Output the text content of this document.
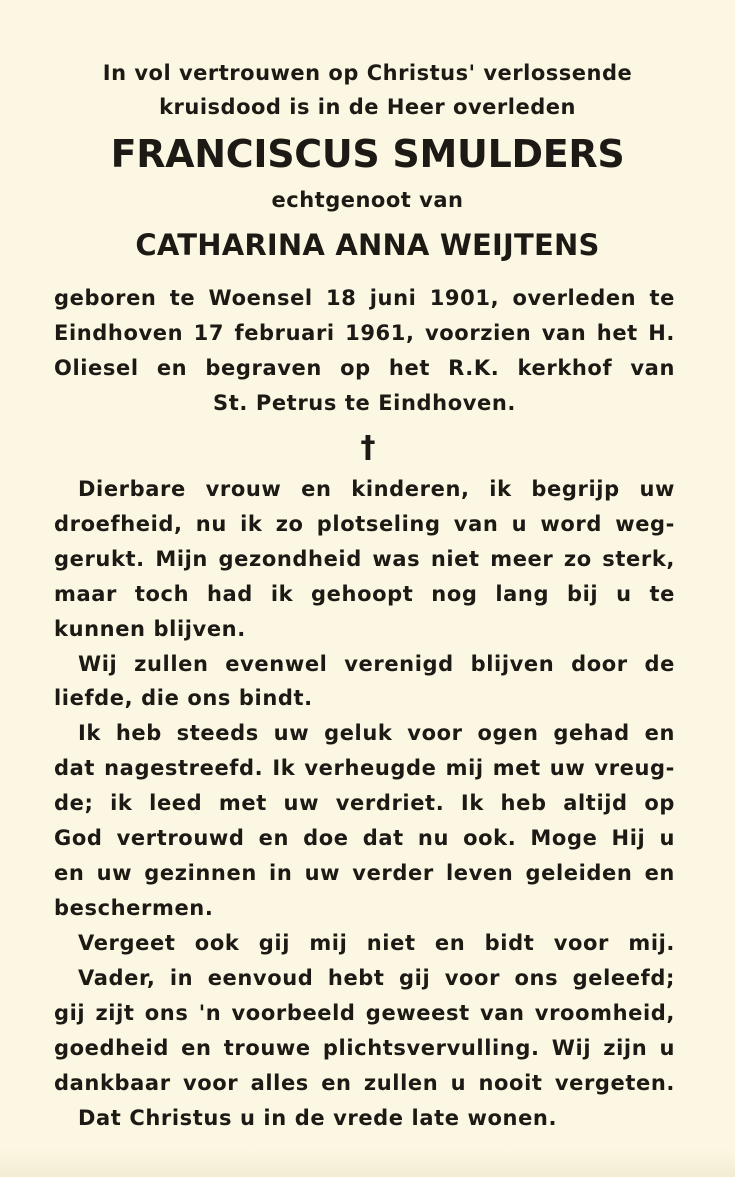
In vol vertrouwen op Christus' verlossende
kruisdood is in de Heer overleden
FRANCISCUS SMULDERS
echtgenoot van
CATHARINA ANNA WEIJTENS
geboren te Woensel 18 juni 1901, overleden te
Eindhoven 17 februari 1961, voorzien van het H.
Oliesel en begraven op het R.K. kerkhof van
St. Petrus te Eindhoven.
†
Dierbare vrouw en kinderen, ik begrijp uw
droefheid, nu ik zo plotseling van u word weg-
gerukt. Mijn gezondheid was niet meer zo sterk,
maar toch had ik gehoopt nog lang bij u te
kunnen blijven.
Wij zullen evenwel verenigd blijven door de
liefde, die ons bindt.
Ik heb steeds uw geluk voor ogen gehad en
dat nagestreefd. Ik verheugde mij met uw vreug-
de; ik leed met uw verdriet. Ik heb altijd op
God vertrouwd en doe dat nu ook. Moge Hij u
en uw gezinnen in uw verder leven geleiden en
beschermen.
Vergeet ook gij mij niet en bidt voor mij.
Vader, in eenvoud hebt gij voor ons geleefd;
gij zijt ons 'n voorbeeld geweest van vroomheid,
goedheid en trouwe plichtsvervulling. Wij zijn u
dankbaar voor alles en zullen u nooit vergeten.
Dat Christus u in de vrede late wonen.
